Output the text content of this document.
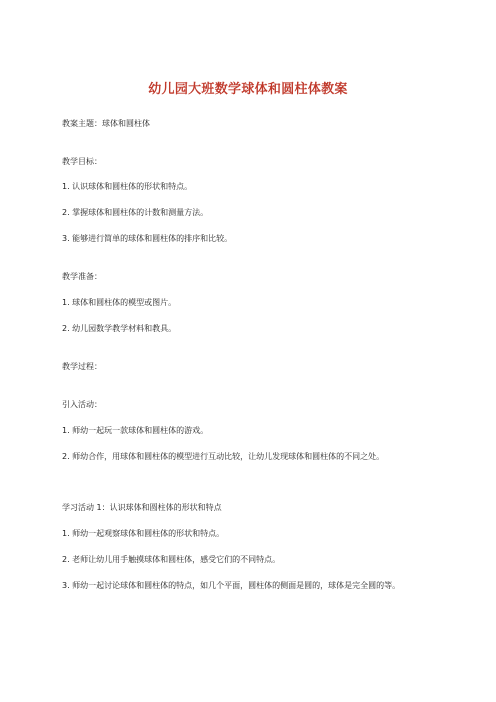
幼儿园大班数学球体和圆柱体教案
教案主题：球体和圆柱体
教学目标：
1. 认识球体和圆柱体的形状和特点。
2. 掌握球体和圆柱体的计数和测量方法。
3. 能够进行简单的球体和圆柱体的排序和比较。
教学准备：
1. 球体和圆柱体的模型或图片。
2. 幼儿园数学教学材料和教具。
教学过程：
引入活动：
1. 师幼一起玩一款球体和圆柱体的游戏。
2. 师幼合作，用球体和圆柱体的模型进行互动比较，让幼儿发现球体和圆柱体的不同之处。
学习活动 1：认识球体和圆柱体的形状和特点
1. 师幼一起观察球体和圆柱体的形状和特点。
2. 老师让幼儿用手触摸球体和圆柱体，感受它们的不同特点。
3. 师幼一起讨论球体和圆柱体的特点，如几个平面，圆柱体的侧面是圆的，球体是完全圆的等。
